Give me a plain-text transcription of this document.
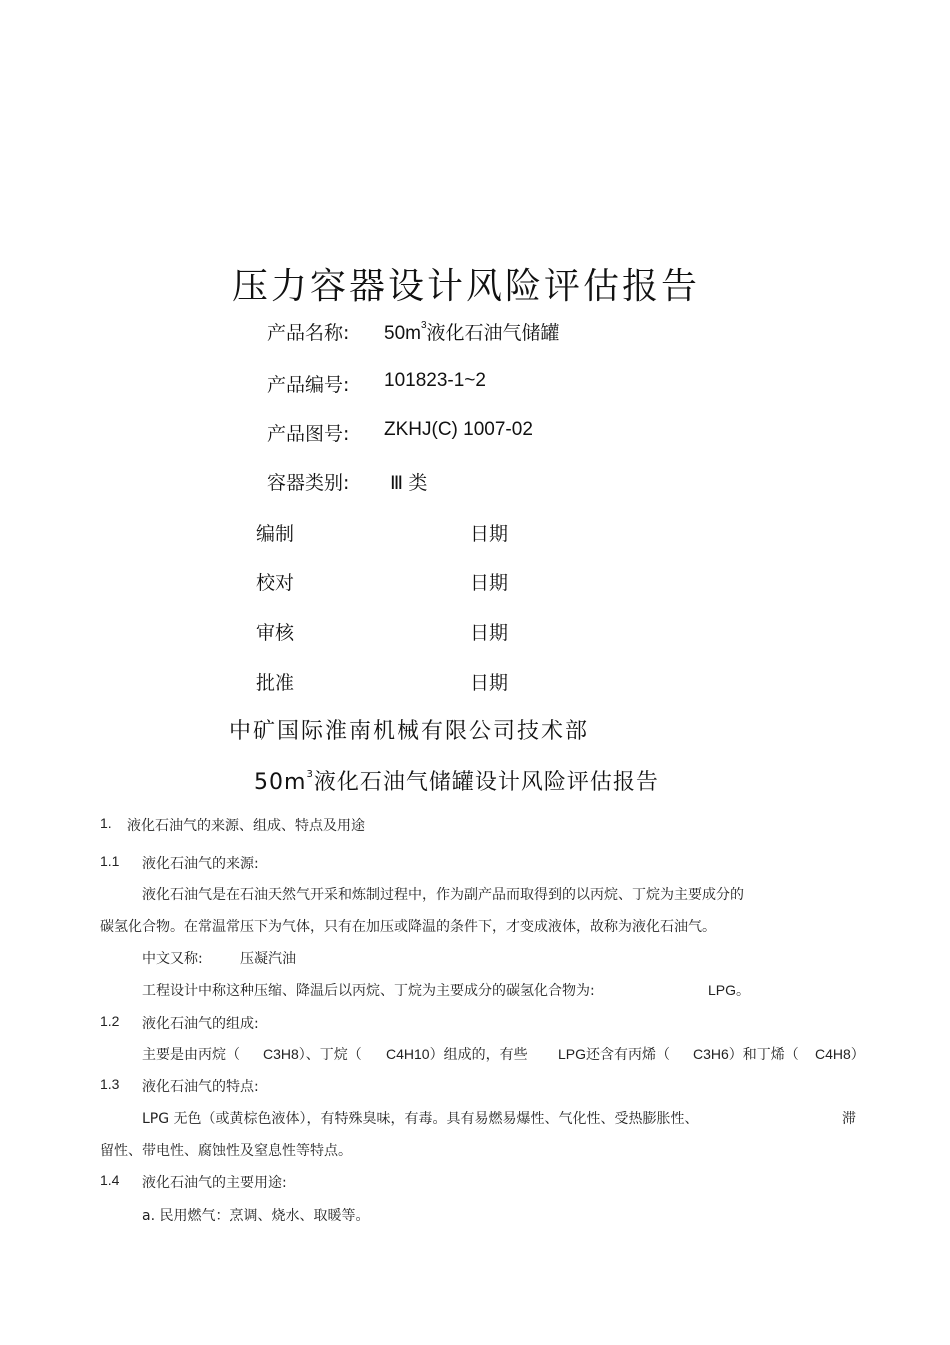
压力容器设计风险评估报告
产品名称: $50m^3$液化石油气储罐
产品编号: 101823-1~2
产品图号: ZKHJ(C) 1007-02
容器类别: Ⅲ 类
编制	日期
校对	日期
审核	日期
批准	日期
中矿国际淮南机械有限公司技术部
$50m^3$液化石油气储罐设计风险评估报告
1. 液化石油气的来源、组成、特点及用途
1.1 液化石油气的来源:
液化石油气是在石油天然气开采和炼制过程中，作为副产品而取得到的以丙烷、丁烷为主要成分的
碳氢化合物。在常温常压下为气体，只有在加压或降温的条件下，才变成液体，故称为液化石油气。
中文又称:	压凝汽油
工程设计中称这种压缩、降温后以丙烷、丁烷为主要成分的碳氢化合物为:	LPG。
1.2 液化石油气的组成:
主要是由丙烷（ C3H8）、丁烷（ C4H10）组成的，有些 LPG还含有丙烯（ C3H6）和丁烯（ C4H8）
1.3 液化石油气的特点:
LPG 无色（或黄棕色液体），有特殊臭味，有毒。具有易燃易爆性、气化性、受热膨胀性、	滞
留性、带电性、腐蚀性及窒息性等特点。
1.4 液化石油气的主要用途:
a. 民用燃气：烹调、烧水、取暖等。
